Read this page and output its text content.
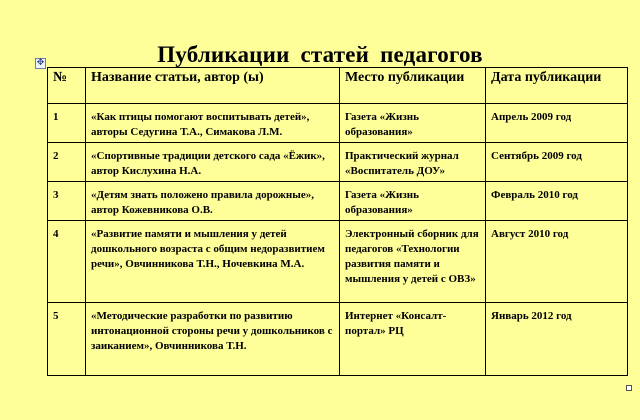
Публикации статей педагогов
✥
№	Название статьи, автор (ы)	Место публикации	Дата публикации
1	«Как птицы помогают воспитывать детей», авторы Седугина Т.А., Симакова Л.М.	Газета «Жизнь образования»	Апрель 2009 год
2	«Спортивные традиции детского сада «Ёжик», автор Кислухина Н.А.	Практический журнал «Воспитатель ДОУ»	Сентябрь 2009 год
3	«Детям знать положено правила дорожные», автор Кожевникова О.В.	Газета «Жизнь образования»	Февраль 2010 год
4	«Развитие памяти и мышления у детей дошкольного возраста с общим недоразвитием речи», Овчинникова Т.Н., Ночевкина М.А.	Электронный сборник для педагогов «Технологии развития памяти и мышления у детей с ОВЗ»	Август 2010 год
5	«Методические разработки по развитию интонационной стороны речи у дошкольников с заиканием», Овчинникова Т.Н.	Интернет «Консалт-портал» РЦ	Январь 2012 год
